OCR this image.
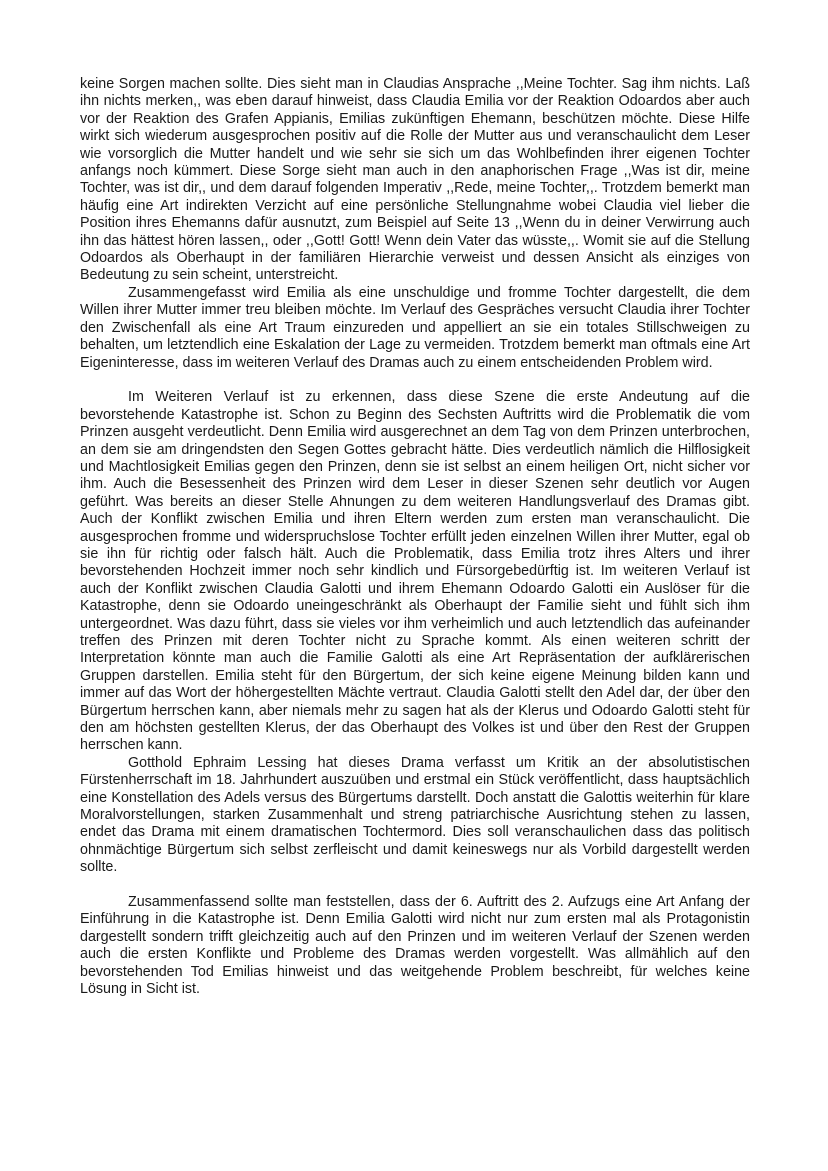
keine Sorgen machen sollte. Dies sieht man in Claudias Ansprache ,,Meine Tochter. Sag ihm nichts. Laß ihn nichts merken,, was eben darauf hinweist, dass Claudia Emilia vor der Reaktion Odoardos aber auch vor der Reaktion des Grafen Appianis, Emilias zukünftigen Ehemann, beschützen möchte. Diese Hilfe wirkt sich wiederum ausgesprochen positiv auf die Rolle der Mutter aus und veranschaulicht dem Leser wie vorsorglich die Mutter handelt und wie sehr sie sich um das Wohlbefinden ihrer eigenen Tochter anfangs noch kümmert. Diese Sorge sieht man auch in den anaphorischen Frage ,,Was ist dir, meine Tochter, was ist dir,, und dem darauf folgenden Imperativ ,,Rede, meine Tochter,,. Trotzdem bemerkt man häufig eine Art indirekten Verzicht auf eine persönliche Stellungnahme wobei Claudia viel lieber die Position ihres Ehemanns dafür ausnutzt, zum Beispiel auf Seite 13 ,,Wenn du in deiner Verwirrung auch ihn das hättest hören lassen,, oder ,,Gott! Gott! Wenn dein Vater das wüsste,,. Womit sie auf die Stellung Odoardos als Oberhaupt in der familiären Hierarchie verweist und dessen Ansicht als einziges von Bedeutung zu sein scheint, unterstreicht.

Zusammengefasst wird Emilia als eine unschuldige und fromme Tochter dargestellt, die dem Willen ihrer Mutter immer treu bleiben möchte. Im Verlauf des Gespräches versucht Claudia ihrer Tochter den Zwischenfall als eine Art Traum einzureden und appelliert an sie ein totales Stillschweigen zu behalten, um letztendlich eine Eskalation der Lage zu vermeiden. Trotzdem bemerkt man oftmals eine Art Eigeninteresse, dass im weiteren Verlauf des Dramas auch zu einem entscheidenden Problem wird.

Im Weiteren Verlauf ist zu erkennen, dass diese Szene die erste Andeutung auf die bevorstehende Katastrophe ist. Schon zu Beginn des Sechsten Auftritts wird die Problematik die vom Prinzen ausgeht verdeutlicht. Denn Emilia wird ausgerechnet an dem Tag von dem Prinzen unterbrochen, an dem sie am dringendsten den Segen Gottes gebracht hätte. Dies verdeutlich nämlich die Hilflosigkeit und Machtlosigkeit Emilias gegen den Prinzen, denn sie ist selbst an einem heiligen Ort, nicht sicher vor ihm. Auch die Besessenheit des Prinzen wird dem Leser in dieser Szenen sehr deutlich vor Augen geführt. Was bereits an dieser Stelle Ahnungen zu dem weiteren Handlungsverlauf des Dramas gibt. Auch der Konflikt zwischen Emilia und ihren Eltern werden zum ersten man veranschaulicht. Die ausgesprochen fromme und widerspruchslose Tochter erfüllt jeden einzelnen Willen ihrer Mutter, egal ob sie ihn für richtig oder falsch hält. Auch die Problematik, dass Emilia trotz ihres Alters und ihrer bevorstehenden Hochzeit immer noch sehr kindlich und Fürsorgebedürftig ist. Im weiteren Verlauf ist auch der Konflikt zwischen Claudia Galotti und ihrem Ehemann Odoardo Galotti ein Auslöser für die Katastrophe, denn sie Odoardo uneingeschränkt als Oberhaupt der Familie sieht und fühlt sich ihm untergeordnet. Was dazu führt, dass sie vieles vor ihm verheimlich und auch letztendlich das aufeinander treffen des Prinzen mit deren Tochter nicht zu Sprache kommt. Als einen weiteren schritt der Interpretation könnte man auch die Familie Galotti als eine Art Repräsentation der aufklärerischen Gruppen darstellen. Emilia steht für den Bürgertum, der sich keine eigene Meinung bilden kann und immer auf das Wort der höhergestellten Mächte vertraut. Claudia Galotti stellt den Adel dar, der über den Bürgertum herrschen kann, aber niemals mehr zu sagen hat als der Klerus und Odoardo Galotti steht für den am höchsten gestellten Klerus, der das Oberhaupt des Volkes ist und über den Rest der Gruppen herrschen kann.

Gotthold Ephraim Lessing hat dieses Drama verfasst um Kritik an der absolutistischen Fürstenherrschaft im 18. Jahrhundert auszuüben und erstmal ein Stück veröffentlicht, dass hauptsächlich eine Konstellation des Adels versus des Bürgertums darstellt. Doch anstatt die Galottis weiterhin für klare Moralvorstellungen, starken Zusammenhalt und streng patriarchische Ausrichtung stehen zu lassen, endet das Drama mit einem dramatischen Tochtermord. Dies soll veranschaulichen dass das politisch ohnmächtige Bürgertum sich selbst zerfleischt und damit keineswegs nur als Vorbild dargestellt werden sollte.

Zusammenfassend sollte man feststellen, dass der 6. Auftritt des 2. Aufzugs eine Art Anfang der Einführung in die Katastrophe ist. Denn Emilia Galotti wird nicht nur zum ersten mal als Protagonistin dargestellt sondern trifft gleichzeitig auch auf den Prinzen und im weiteren Verlauf der Szenen werden auch die ersten Konflikte und Probleme des Dramas werden vorgestellt. Was allmählich auf den bevorstehenden Tod Emilias hinweist und das weitgehende Problem beschreibt, für welches keine Lösung in Sicht ist.
